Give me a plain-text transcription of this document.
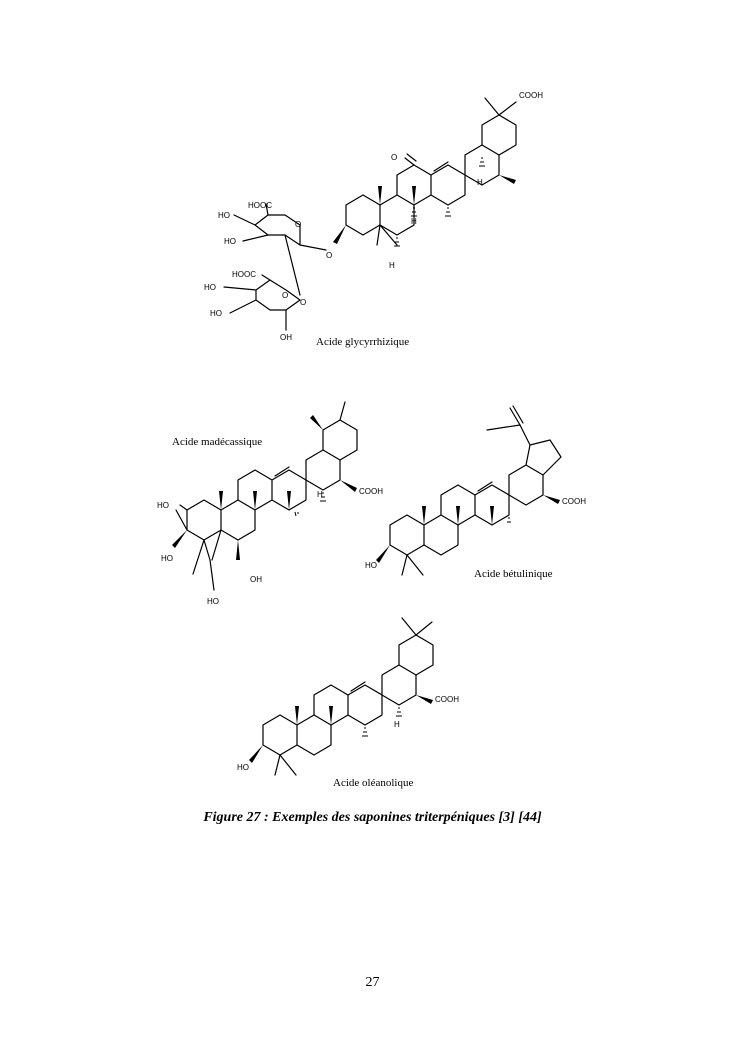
COOH
O
H
H
H
O
HOOC
HO
HO
O
HOOC
HO
HO
O
OH
O
Acide glycyrrhizique
COOH
H
HO
HO
OH
HO
Acide madécassique
COOH
HO
Acide bétulinique
COOH
H
HO
Acide oléanolique
Figure 27 : Exemples des saponines triterpéniques [3] [44]
27
